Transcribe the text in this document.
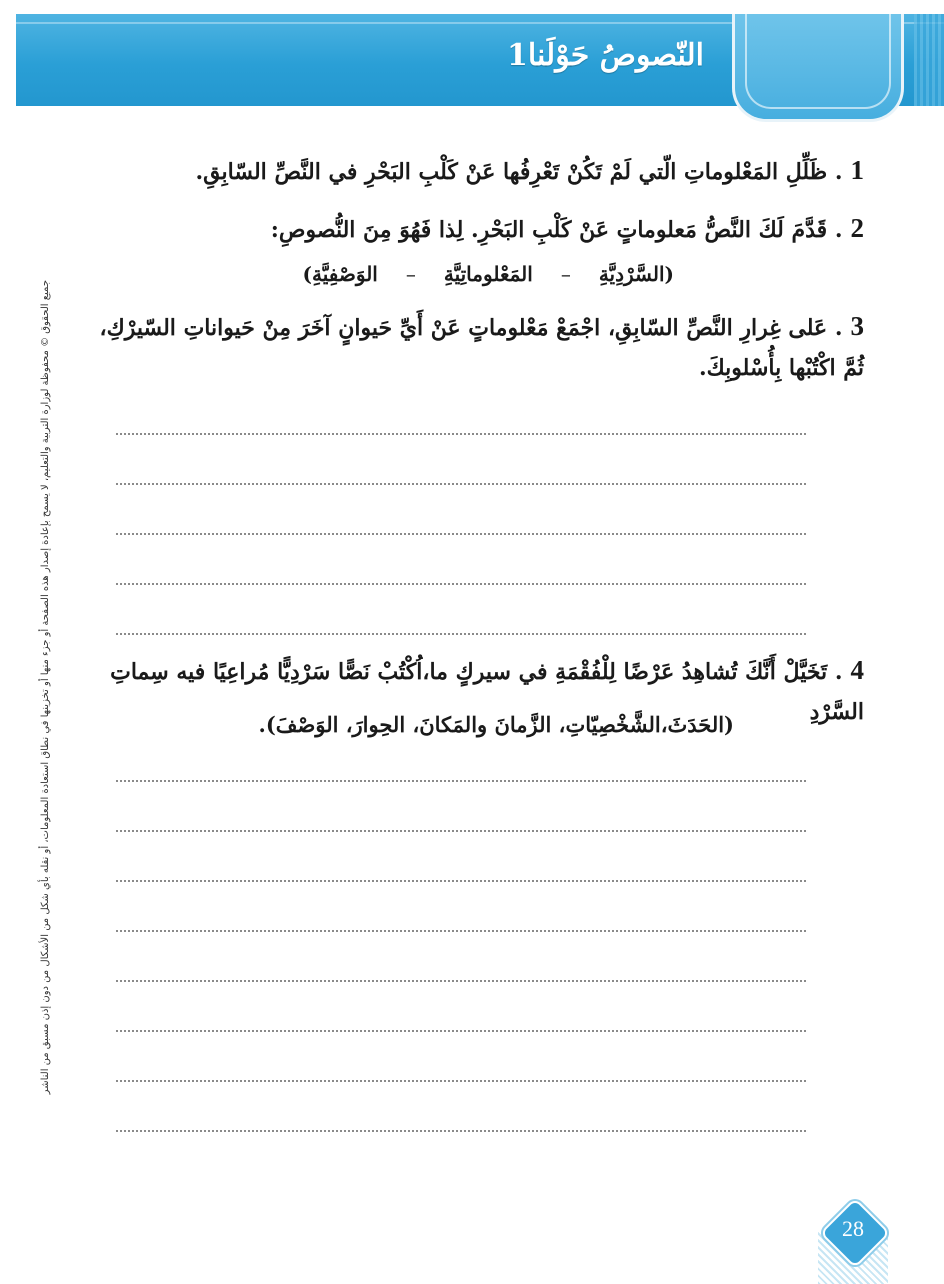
النّصوصُ حَوْلَنا1
جميع الحقوق © محفوظة لوزارة التربية والتعليم، لا يسمح بإعادة إصدار هذه الصفحة أو جزء منها أو تخزينها في نطاق استعادة المعلومات، أو نقله بأي شكل من الأشكال من دون إذن مسبق من الناشر
1. ظَلِّلِ المَعْلوماتِ الّتي لَمْ تَكُنْ تَعْرِفُها عَنْ كَلْبِ البَحْرِ في النَّصِّ السّابِقِ.
2. قَدَّمَ لَكَ النَّصُّ مَعلوماتٍ عَنْ كَلْبِ البَحْرِ. لِذا فَهُوَ مِنَ النُّصوصِ:
(السَّرْدِيَّةِ
–
المَعْلوماتِيَّةِ
–
الوَصْفِيَّةِ)
3. عَلى غِرارِ النَّصِّ السّابِقِ، اجْمَعْ مَعْلوماتٍ عَنْ أَيِّ حَيوانٍ آخَرَ مِنْ حَيواناتِ السّيرْكِ، ثُمَّ اكْتُبْها بِأُسْلوبِكَ.
4. تَخَيَّلْ أَنَّكَ تُشاهِدُ عَرْضًا لِلْفُقْمَةِ في سيركٍ ما،اُكْتُبْ نَصًّا سَرْدِيًّا مُراعِيًا فيه سِماتِ السَّرْدِ
(الحَدَثَ،الشَّخْصِيّاتِ، الزَّمانَ والمَكانَ، الحِوارَ، الوَصْفَ).
28
